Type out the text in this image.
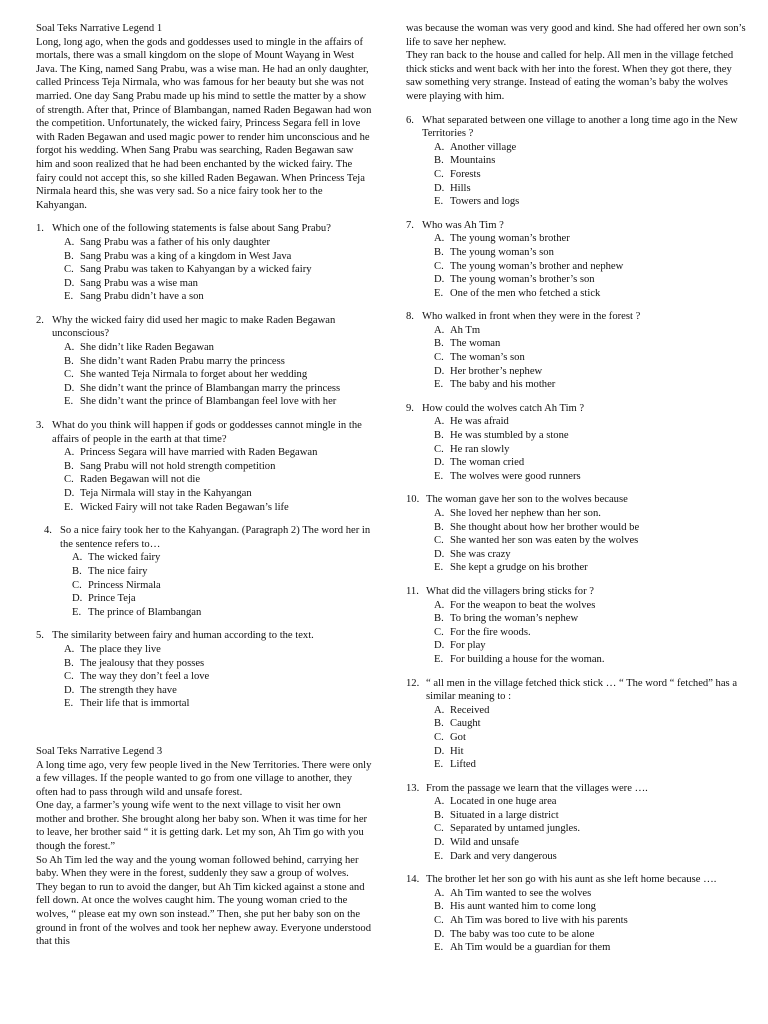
Soal Teks Narrative Legend 1

Long, long ago, when the gods and goddesses used to mingle in the affairs of mortals, there was a small kingdom on the slope of Mount Wayang in West Java. The King, named Sang Prabu, was a wise man. He had an only daughter, called Princess Teja Nirmala, who was famous for her beauty but she was not married. One day Sang Prabu made up his mind to settle the matter by a show of strength. After that, Prince of Blambangan, named Raden Begawan had won the competition. Unfortunately, the wicked fairy, Princess Segara fell in love with Raden Begawan and used magic power to render him unconscious and he forgot his wedding. When Sang Prabu was searching, Raden Begawan saw him and soon realized that he had been enchanted by the wicked fairy. The fairy could not accept this, so she killed Raden Begawan. When Princess Teja Nirmala heard this, she was very sad. So a nice fairy took her to the Kahyangan.

1. Which one of the following statements is false about Sang Prabu?
A. Sang Prabu was a father of his only daughter
B. Sang Prabu was a king of a kingdom in West Java
C. Sang Prabu was taken to Kahyangan by a wicked fairy
D. Sang Prabu was a wise man
E. Sang Prabu didn’t have a son
2. Why the wicked fairy did used her magic to make Raden Begawan unconscious?
A. She didn’t like Raden Begawan
B. She didn’t want Raden Prabu marry the princess
C. She wanted Teja Nirmala to forget about her wedding
D. She didn’t want the prince of Blambangan marry the princess
E. She didn’t want the prince of Blambangan feel love with her
3. What do you think will happen if gods or goddesses cannot mingle in the affairs of people in the earth at that time?
A. Princess Segara will have married with Raden Begawan
B. Sang Prabu will not hold strength competition
C. Raden Begawan will not die
D. Teja Nirmala will stay in the Kahyangan
E. Wicked Fairy will not take Raden Begawan’s life
4. So a nice fairy took her to the Kahyangan. (Paragraph 2) The word her in the sentence refers to…
A. The wicked fairy
B. The nice fairy
C. Princess Nirmala
D. Prince Teja
E. The prince of Blambangan
5. The similarity between fairy and human according to the text.
A. The place they live
B. The jealousy that they posses
C. The way they don’t feel a love
D. The strength they have
E. Their life that is immortal

Soal Teks Narrative Legend 3

A long time ago, very few people lived in the New Territories. There were only a few villages. If the people wanted to go from one village to another, they often had to pass through wild and unsafe forest.

One day, a farmer’s young wife went to the next village to visit her own mother and brother. She brought along her baby son. When it was time for her to leave, her brother said “ it is getting dark. Let my son, Ah Tim go with you though the forest.”

So Ah Tim led the way and the young woman followed behind, carrying her baby. When they were in the forest, suddenly they saw a group of wolves. They began to run to avoid the danger, but Ah Tim kicked against a stone and fell down. At once the wolves caught him. The young woman cried to the wolves, “ please eat my own son instead.” Then, she put her baby son on the ground in front of the wolves and took her nephew away. Everyone understood that this

was because the woman was very good and kind. She had offered her own son’s life to save her nephew.

They ran back to the house and called for help. All men in the village fetched thick sticks and went back with her into the forest. When they got there, they saw something very strange. Instead of eating the woman’s baby the wolves were playing with him.

6. What separated between one village to another a long time ago in the New Territories ?
A. Another village
B. Mountains
C. Forests
D. Hills
E. Towers and logs
7. Who was Ah Tim ?
A. The young woman’s brother
B. The young woman’s son
C. The young woman’s brother and nephew
D. The young woman’s brother’s son
E. One of the men who fetched a stick
8. Who walked in front when they were in the forest ?
A. Ah Tm
B. The woman
C. The woman’s son
D. Her brother’s nephew
E. The baby and his mother
9. How could the wolves catch Ah Tim ?
A. He was afraid
B. He was stumbled by a stone
C. He ran slowly
D. The woman cried
E. The wolves were good runners
10. The woman gave her son to the wolves because
A. She loved her nephew than her son.
B. She thought about how her brother would be
C. She wanted her son was eaten by the wolves
D. She was crazy
E. She kept a grudge on his brother
11. What did the villagers bring sticks for ?
A. For the weapon to beat the wolves
B. To bring the woman’s nephew
C. For the fire woods.
D. For play
E. For building a house for the woman.
12. “ all men in the village fetched thick stick … “ The word “ fetched” has a similar meaning to :
A. Received
B. Caught
C. Got
D. Hit
E. Lifted
13. From the passage we learn that the villages were ….
A. Located in one huge area
B. Situated in a large district
C. Separated by untamed jungles.
D. Wild and unsafe
E. Dark and very dangerous
14. The brother let her son go with his aunt as she left home because ….
A. Ah Tim wanted to see the wolves
B. His aunt wanted him to come long
C. Ah Tim was bored to live with his parents
D. The baby was too cute to be alone
E. Ah Tim would be a guardian for them
